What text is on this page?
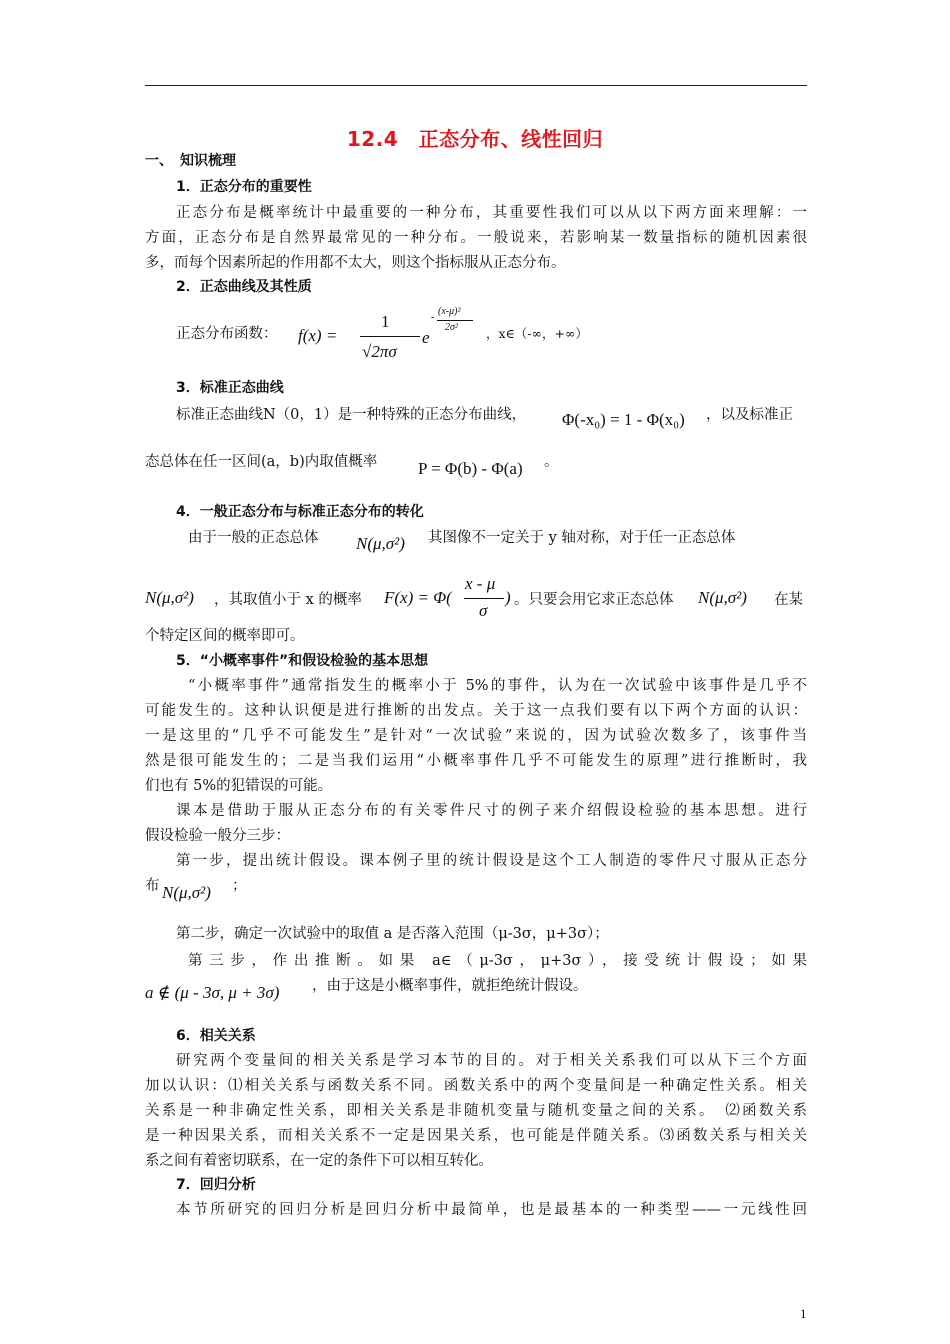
12.4　正态分布、线性回归
一、　知识梳理
1．正态分布的重要性
正态分布是概率统计中最重要的一种分布，其重要性我们可以从以下两方面来理解：一
方面，正态分布是自然界最常见的一种分布。一般说来，若影响某一数量指标的随机因素很
多，而每个因素所起的作用都不太大，则这个指标服从正态分布。
2．正态曲线及其性质
正态分布函数： f(x) =
1
√2πσ
e
(x-μ)²
-
2σ² ，x∈（-∞，+∞）
3．标准正态曲线
标准正态曲线N（0，1）是一种特殊的正态分布曲线， Φ(-x₀) = 1 - Φ(x₀) ，以及标准正
态总体在任一区间(a，b)内取值概率 P = Φ(b) - Φ(a) 。
4．一般正态分布与标准正态分布的转化
由于一般的正态总体 N(μ,σ²) 其图像不一定关于 y 轴对称，对于任一正态总体
N(μ,σ²) ，其取值小于 x 的概率 F(x) = Φ(
x - μ
σ
) 。只要会用它求正态总体 N(μ,σ²) 在某
个特定区间的概率即可。
5．“小概率事件”和假设检验的基本思想
“小概率事件”通常指发生的概率小于 5%的事件，认为在一次试验中该事件是几乎不
可能发生的。这种认识便是进行推断的出发点。关于这一点我们要有以下两个方面的认识：
一是这里的“几乎不可能发生”是针对“一次试验”来说的，因为试验次数多了，该事件当
然是很可能发生的；二是当我们运用“小概率事件几乎不可能发生的原理”进行推断时，我
们也有 5%的犯错误的可能。
课本是借助于服从正态分布的有关零件尺寸的例子来介绍假设检验的基本思想。进行
假设检验一般分三步：
第一步，提出统计假设。课本例子里的统计假设是这个工人制造的零件尺寸服从正态分
布 N(μ,σ²) ；
第二步，确定一次试验中的取值 a 是否落入范围（μ-3σ，μ+3σ）；
第三步，作出推断。如果 a∈（μ-3σ，μ+3σ），接受统计假设；如果
a ∉ (μ - 3σ, μ + 3σ) ，由于这是小概率事件，就拒绝统计假设。
6．相关关系
研究两个变量间的相关关系是学习本节的目的。对于相关关系我们可以从下三个方面
加以认识：⑴相关关系与函数关系不同。函数关系中的两个变量间是一种确定性关系。相关
关系是一种非确定性关系，即相关关系是非随机变量与随机变量之间的关系。　⑵函数关系
是一种因果关系，而相关关系不一定是因果关系，也可能是伴随关系。⑶函数关系与相关关
系之间有着密切联系，在一定的条件下可以相互转化。
7．回归分析
本节所研究的回归分析是回归分析中最简单，也是最基本的一种类型——一元线性回
1
